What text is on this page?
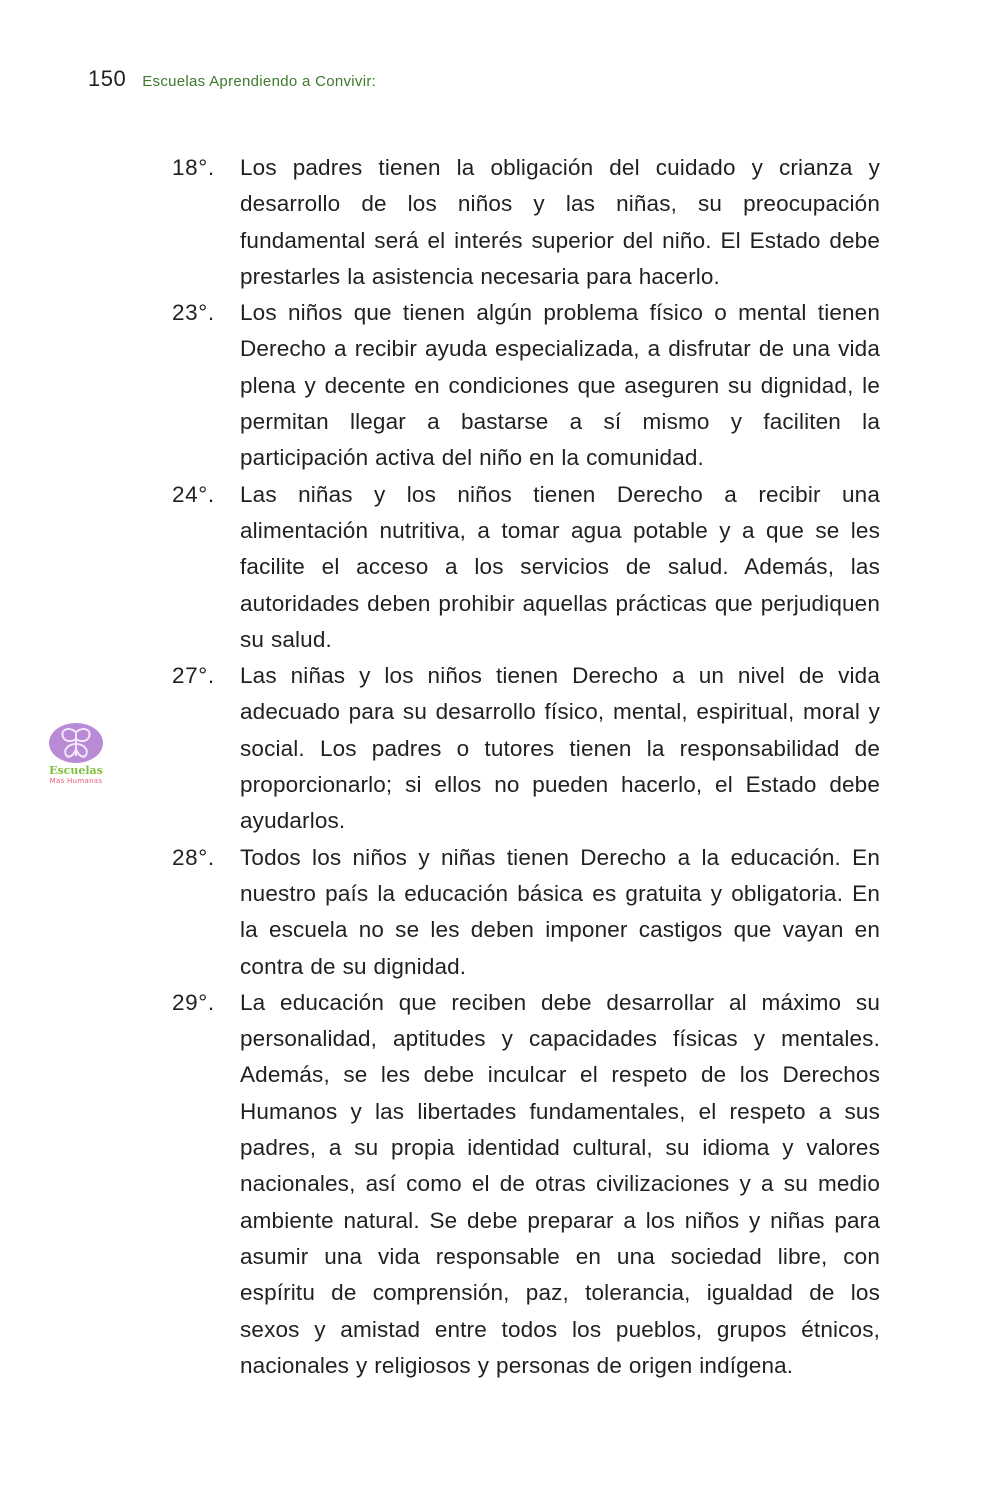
150 Escuelas Aprendiendo a Convivir:
18°.	Los padres tienen la obligación del cuidado y crianza y desarrollo de los niños y las niñas, su preocupación fundamental será el interés superior del niño. El Estado debe prestarles la asistencia necesaria para hacerlo.
23°.	Los niños que tienen algún problema físico o mental tienen Derecho a recibir ayuda especializada, a disfrutar de una vida plena y decente en condiciones que aseguren su dignidad, le permitan llegar a bastarse a sí mismo y faciliten la participación activa del niño en la comunidad.
24°.	Las niñas y los niños tienen Derecho a recibir una alimentación nutritiva, a tomar agua potable y a que se les facilite el acceso a los servicios de salud. Además, las autoridades deben prohibir aquellas prácticas que perjudiquen su salud.
27°.	Las niñas y los niños tienen Derecho a un nivel de vida adecuado para su desarrollo físico, mental, espiritual, moral y social. Los padres o tutores tienen la responsabilidad de proporcionarlo; si ellos no pueden hacerlo, el Estado debe ayudarlos.
28°.	Todos los niños y niñas tienen Derecho a la educación. En nuestro país la educación básica es gratuita y obligatoria. En la escuela no se les deben imponer castigos que vayan en contra de su dignidad.
29°.	La educación que reciben debe desarrollar al máximo su personalidad, aptitudes y capacidades físicas y mentales. Además, se les debe inculcar el respeto de los Derechos Humanos y las libertades fundamentales, el respeto a sus padres, a su propia identidad cultural, su idioma y valores nacionales, así como el de otras civilizaciones y a su medio ambiente natural. Se debe preparar a los niños y niñas para asumir una vida responsable en una sociedad libre, con espíritu de comprensión, paz, tolerancia, igualdad de los sexos y amistad entre todos los pueblos, grupos étnicos, nacionales y religiosos y personas de origen indígena.
Escuelas
Mas Humanas
